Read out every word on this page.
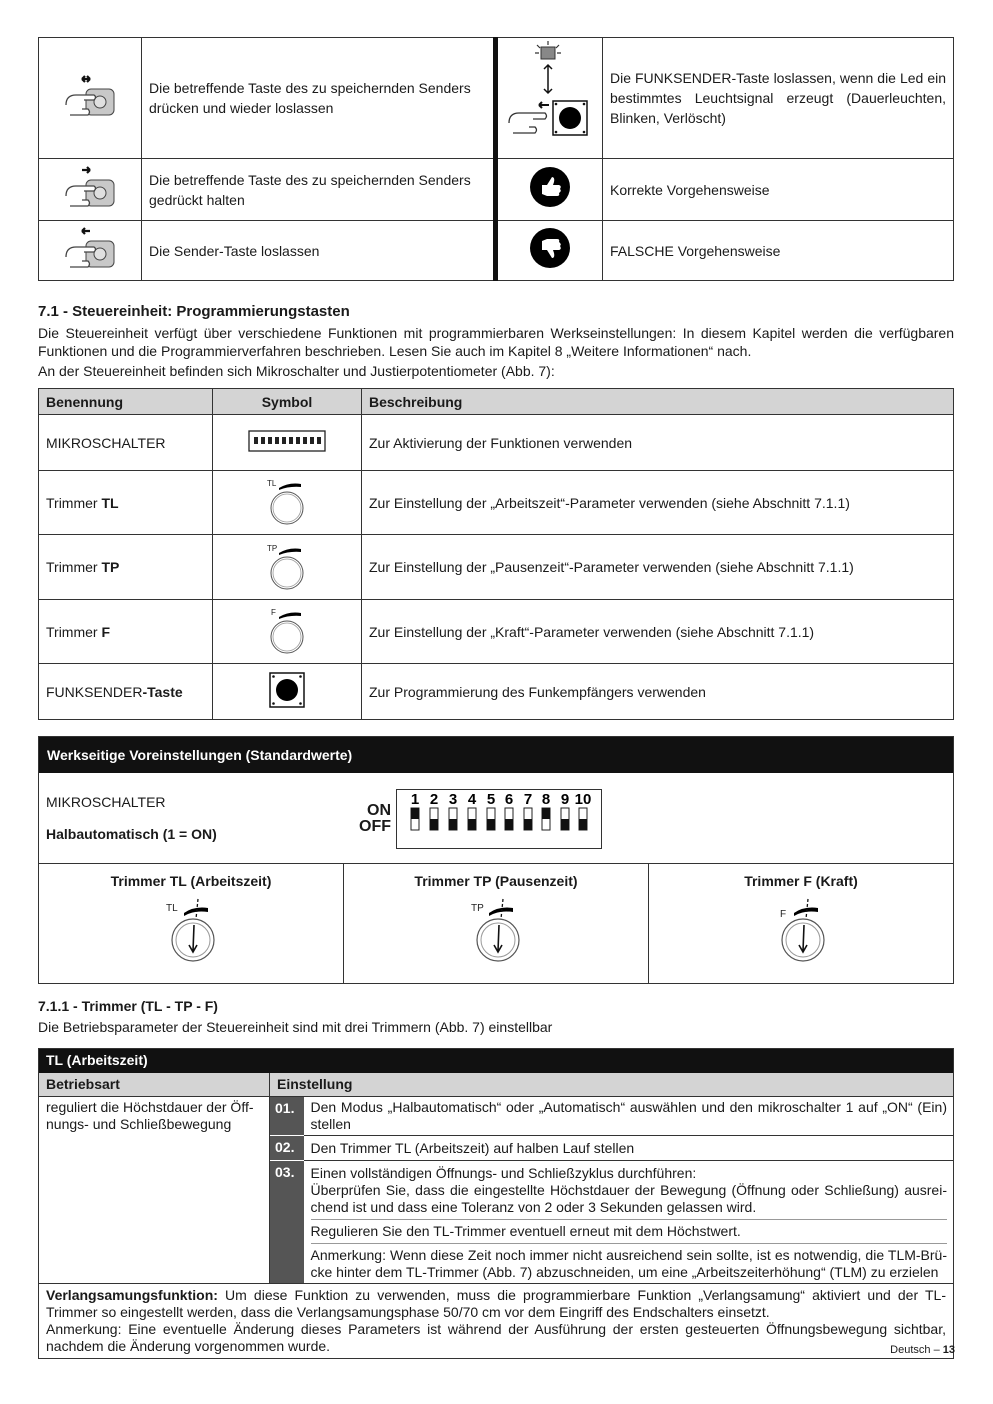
	Die betreffende Taste des zu speichernden Senders drücken und wieder loslassen		Die FUNKSENDER-Taste loslassen, wenn die Led ein bestimmtes Leuchtsignal erzeugt (Dauerleuchten, Blinken, Verlöscht)
	Die betreffende Taste des zu speichernden Senders gedrückt halten		Korrekte Vorgehensweise
	Die Sender-Taste loslassen		FALSCHE Vorgehensweise
7.1 - Steuereinheit: Programmierungstasten
Die Steuereinheit verfügt über verschiedene Funktionen mit programmierbaren Werkseinstellungen: In diesem Kapitel werden die verfügbaren Funktionen und die Programmierverfahren beschrieben. Lesen Sie auch im Kapitel 8 „Weitere Informationen“ nach.
An der Steuereinheit befinden sich Mikroschalter und Justierpotentiometer (Abb. 7):
Benennung	Symbol	Beschreibung
MIKROSCHALTER		Zur Aktivierung der Funktionen verwenden
Trimmer TL	TL	Zur Einstellung der „Arbeitszeit“-Parameter verwenden (siehe Abschnitt 7.1.1)
Trimmer TP	TP	Zur Einstellung der „Pausenzeit“-Parameter verwenden (siehe Abschnitt 7.1.1)
Trimmer F	F	Zur Einstellung der „Kraft“-Parameter verwenden (siehe Abschnitt 7.1.1)
FUNKSENDER-Taste		Zur Programmierung des Funkempfängers verwenden
Werkseitige Voreinstellungen (Standardwerte)
MIKROSCHALTER
Halbautomatisch (1 = ON)
ON
OFF
1 2 3 4 5 6 7 8 9 10
Trimmer TL (Arbeitszeit)
TL
Trimmer TP (Pausenzeit)
TP
Trimmer F (Kraft)
F
7.1.1 - Trimmer (TL - TP - F)
Die Betriebsparameter der Steuereinheit sind mit drei Trimmern (Abb. 7) einstellbar
TL (Arbeitszeit)		
Betriebsart	Einstellung	
reguliert die Höchstdauer der Öff-nungs- und Schließbewegung	01.	Den Modus „Halbautomatisch“ oder „Automatisch“ auswählen und den mikroschalter 1 auf „ON“ (Ein) stellen
	02.	Den Trimmer TL (Arbeitszeit) auf halben Lauf stellen
	03.	Einen vollständigen Öffnungs- und Schließzyklus durchführen:
Überprüfen Sie, dass die eingestellte Höchstdauer der Bewegung (Öffnung oder Schließung) ausrei-chend ist und dass eine Toleranz von 2 oder 3 Sekunden gelassen wird.
Regulieren Sie den TL-Trimmer eventuell erneut mit dem Höchstwert.
Anmerkung: Wenn diese Zeit noch immer nicht ausreichend sein sollte, ist es notwendig, die TLM-Brü-cke hinter dem TL-Trimmer (Abb. 7) abzuschneiden, um eine „Arbeitszeiterhöhung“ (TLM) zu erzielen

Verlangsamungsfunktion: Um diese Funktion zu verwenden, muss die programmierbare Funktion „Verlangsamung“ aktiviert und der TL-Trimmer so eingestellt werden, dass die Verlangsamungsphase 50/70 cm vor dem Eingriff des Endschalters einsetzt.
Anmerkung: Eine eventuelle Änderung dieses Parameters ist während der Ausführung der ersten gesteuerten Öffnungsbewegung sichtbar, nachdem die Änderung vorgenommen wurde.			Deutsch – 13
